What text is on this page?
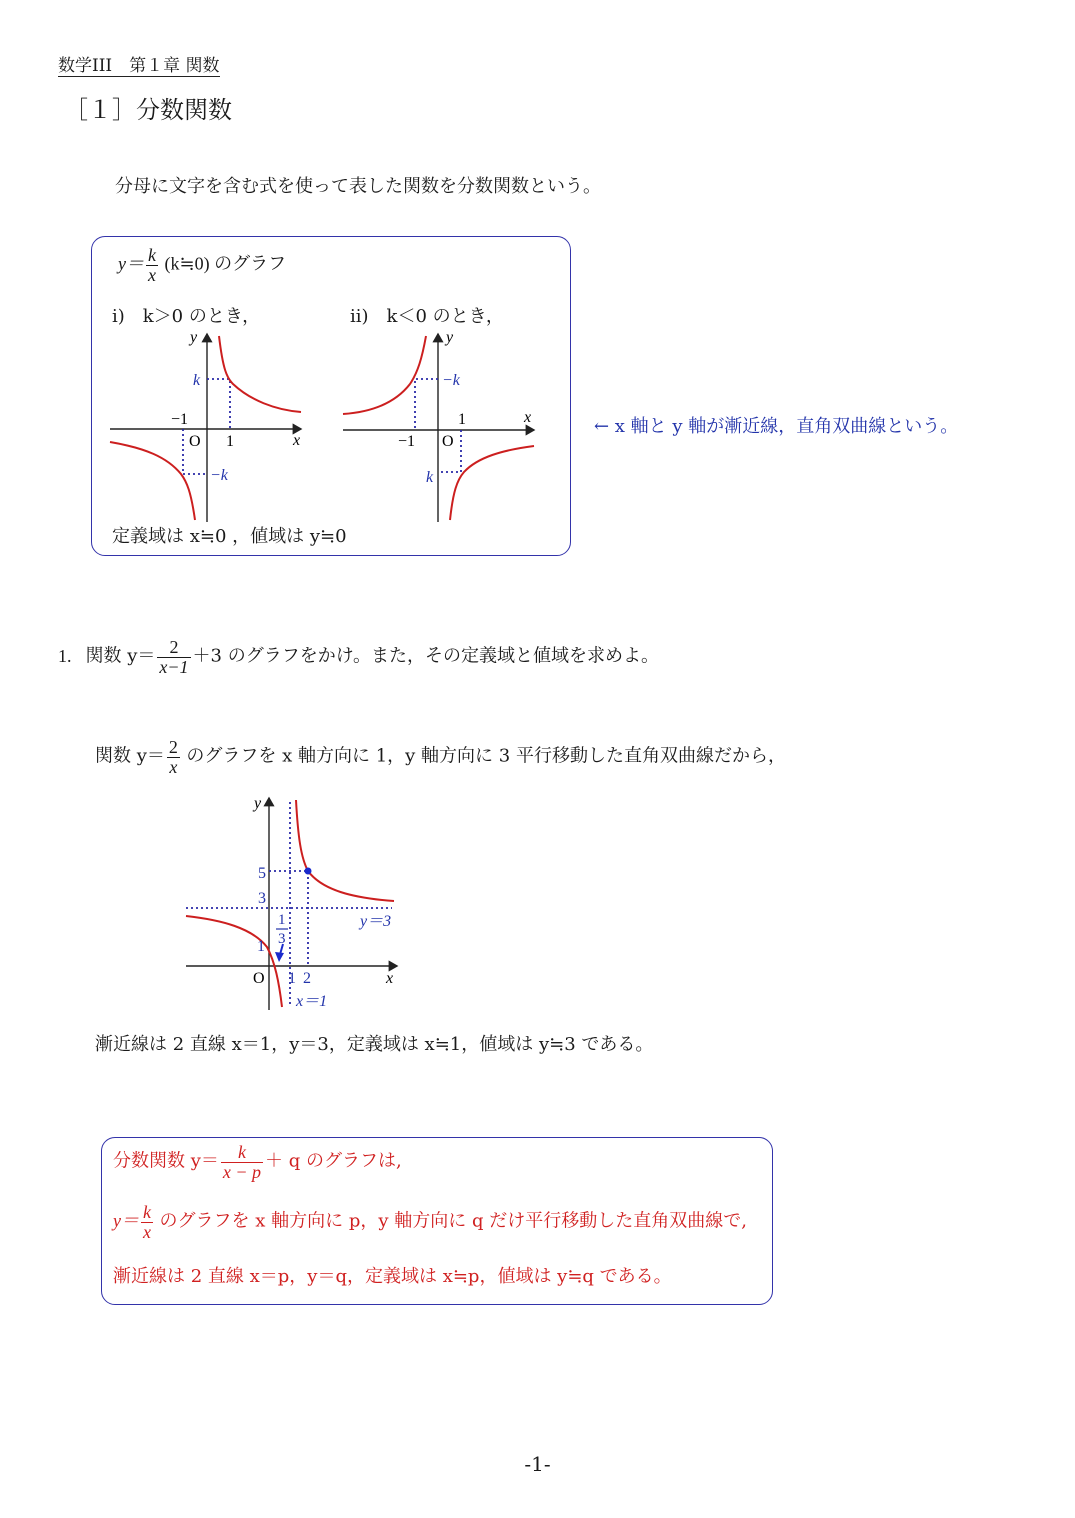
数学III　第１章 関数
［１］分数関数
分母に文字を含む式を使って表した関数を分数関数という。
$y= \frac{k}{x}$ (k≒0) のグラフ
i)　k＞0 のとき，	ii)　k＜0 のとき，
y
x
k
−1
O 1
−k
y
x
−k
1
−1 O
k
定義域は x≒0 ，値域は y≒0
← x 軸と y 軸が漸近線，直角双曲線という。
1. 関数 $y= \frac{2}{x-1} +3$ のグラフをかけ。また，その定義域と値域を求めよ。
関数 $y= \frac{2}{x}$ のグラフを x 軸方向に 1，y 軸方向に 3 平行移動した直角双曲線だから，
y
x
5
3
1
3
1
O 1 2
y＝3
x＝1
漸近線は 2 直線 x＝1，y＝3，定義域は x≒1，値域は y≒3 である。
分数関数 $y= \frac{k}{x - p} + q$ のグラフは,
$y= \frac{k}{x}$ のグラフを x 軸方向に p，y 軸方向に q だけ平行移動した直角双曲線で,
漸近線は 2 直線 x＝p，y＝q，定義域は x≒p，値域は y≒q である。
-1-
